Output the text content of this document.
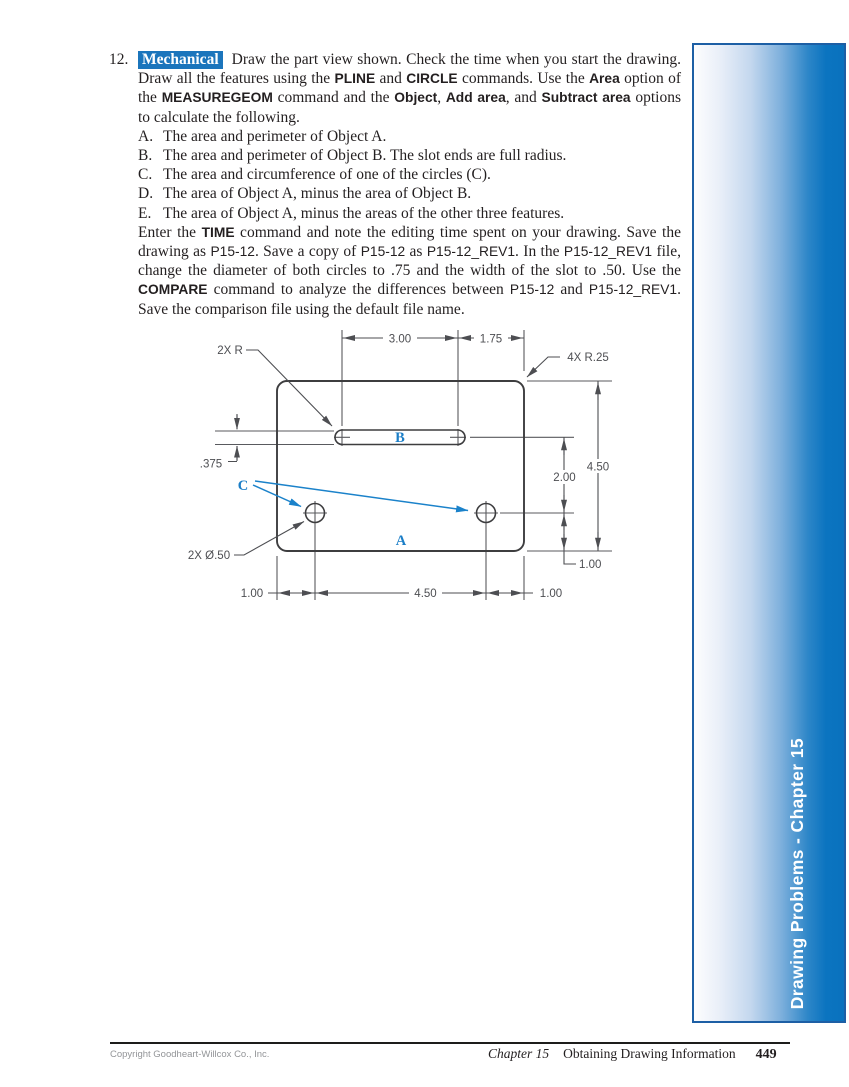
12. Mechanical Draw the part view shown. Check the time when you start the drawing. Draw all the features using the PLINE and CIRCLE commands. Use the Area option of the MEASUREGEOM command and the Object, Add area, and Subtract area options to calculate the following.

A. The area and perimeter of Object A.
B. The area and perimeter of Object B. The slot ends are full radius.
C. The area and circumference of one of the circles (C).
D. The area of Object A, minus the area of Object B.
E. The area of Object A, minus the areas of the other three features.

Enter the TIME command and note the editing time spent on your drawing. Save the drawing as P15-12. Save a copy of P15-12 as P15-12_REV1. In the P15-12_REV1 file, change the diameter of both circles to .75 and the width of the slot to .50. Use the COMPARE command to analyze the differences between P15-12 and P15-12_REV1. Save the comparison file using the default file name.

3.00	1.75
2X R
4X R.25
.375	4.50
2.00
1.00
2X Ø.50
1.00	4.50	1.00
C
A
B
Drawing Problems - Chapter 15
Copyright Goodheart-Willcox Co., Inc.	Chapter 15 Obtaining Drawing Information 449
